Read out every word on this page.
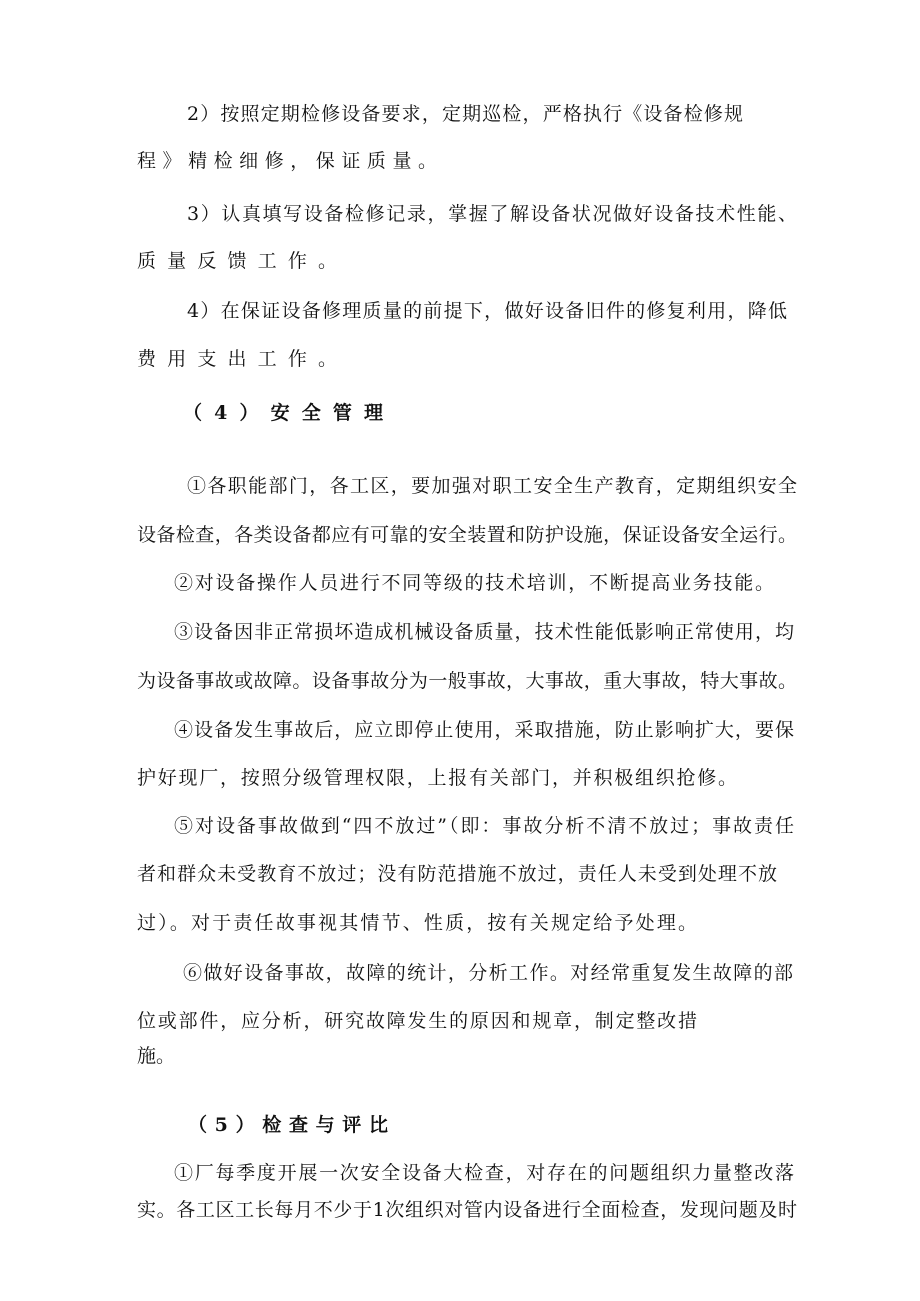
2）按照定期检修设备要求，定期巡检，严格执行《设备检修规

程》精检细修，保证质量。

3）认真填写设备检修记录，掌握了解设备状况做好设备技术性能、

质量反馈工作。

4）在保证设备修理质量的前提下，做好设备旧件的修复利用，降低

费用支出工作。

（4）安全管理

①各职能部门，各工区，要加强对职工安全生产教育，定期组织安全

设备检查，各类设备都应有可靠的安全装置和防护设施，保证设备安全运行。

②对设备操作人员进行不同等级的技术培训，不断提高业务技能。

③设备因非正常损坏造成机械设备质量，技术性能低影响正常使用，均

为设备事故或故障。设备事故分为一般事故，大事故，重大事故，特大事故。

④设备发生事故后，应立即停止使用，采取措施，防止影响扩大，要保

护好现厂，按照分级管理权限，上报有关部门，并积极组织抢修。

⑤对设备事故做到“四不放过”（即：事故分析不清不放过；事故责任

者和群众未受教育不放过；没有防范措施不放过，责任人未受到处理不放

过）。对于责任故事视其情节、性质，按有关规定给予处理。

⑥做好设备事故，故障的统计，分析工作。对经常重复发生故障的部

位或部件，应分析，研究故障发生的原因和规章，制定整改措

施。

（5）检查与评比

①厂每季度开展一次安全设备大检查，对存在的问题组织力量整改落

实。各工区工长每月不少于1次组织对管内设备进行全面检查，发现问题及时
